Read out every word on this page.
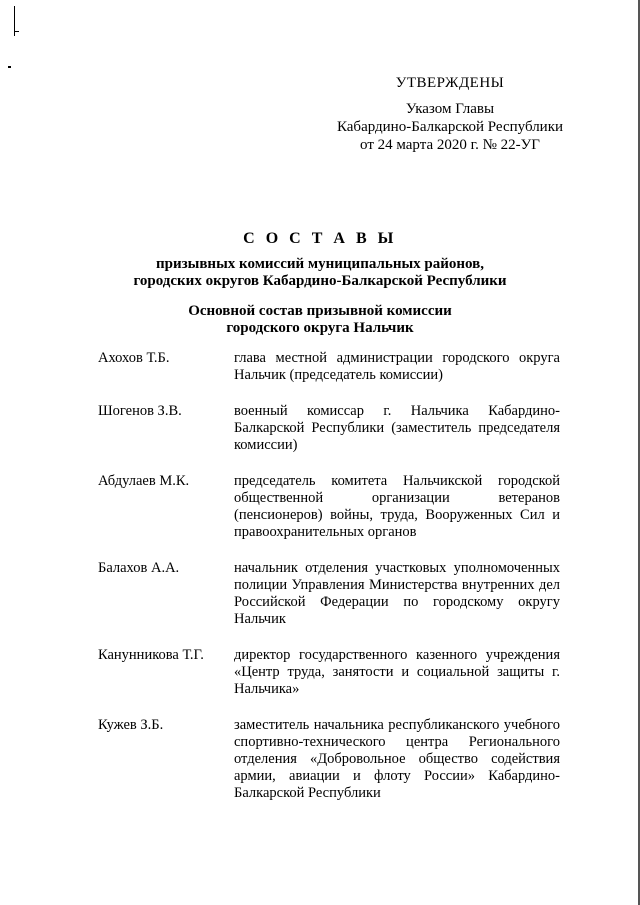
УТВЕРЖДЕНЫ
Указом Главы
Кабардино-Балкарской Республики
от 24 марта 2020 г. № 22-УГ
С О С Т А В Ы
призывных комиссий муниципальных районов,
городских округов Кабардино-Балкарской Республики
Основной состав призывной комиссии
городского округа Нальчик
Ахохов Т.Б.	глава местной администрации городского округа Нальчик (председатель комиссии)
Шогенов З.В.	военный комиссар г. Нальчика Кабардино-Балкарской Республики (заместитель председателя комиссии)
Абдулаев М.К.	председатель комитета Нальчикской городской общественной организации ветеранов (пенсионеров) войны, труда, Вооруженных Сил и правоохранительных органов
Балахов А.А.	начальник отделения участковых уполномоченных полиции Управления Министерства внутренних дел Российской Федерации по городскому округу Нальчик
Канунникова Т.Г.	директор государственного казенного учреждения «Центр труда, занятости и социальной защиты г. Нальчика»
Кужев З.Б.	заместитель начальника республиканского учебного спортивно-технического центра Регионального отделения «Добровольное общество содействия армии, авиации и флоту России» Кабардино-Балкарской Республики
